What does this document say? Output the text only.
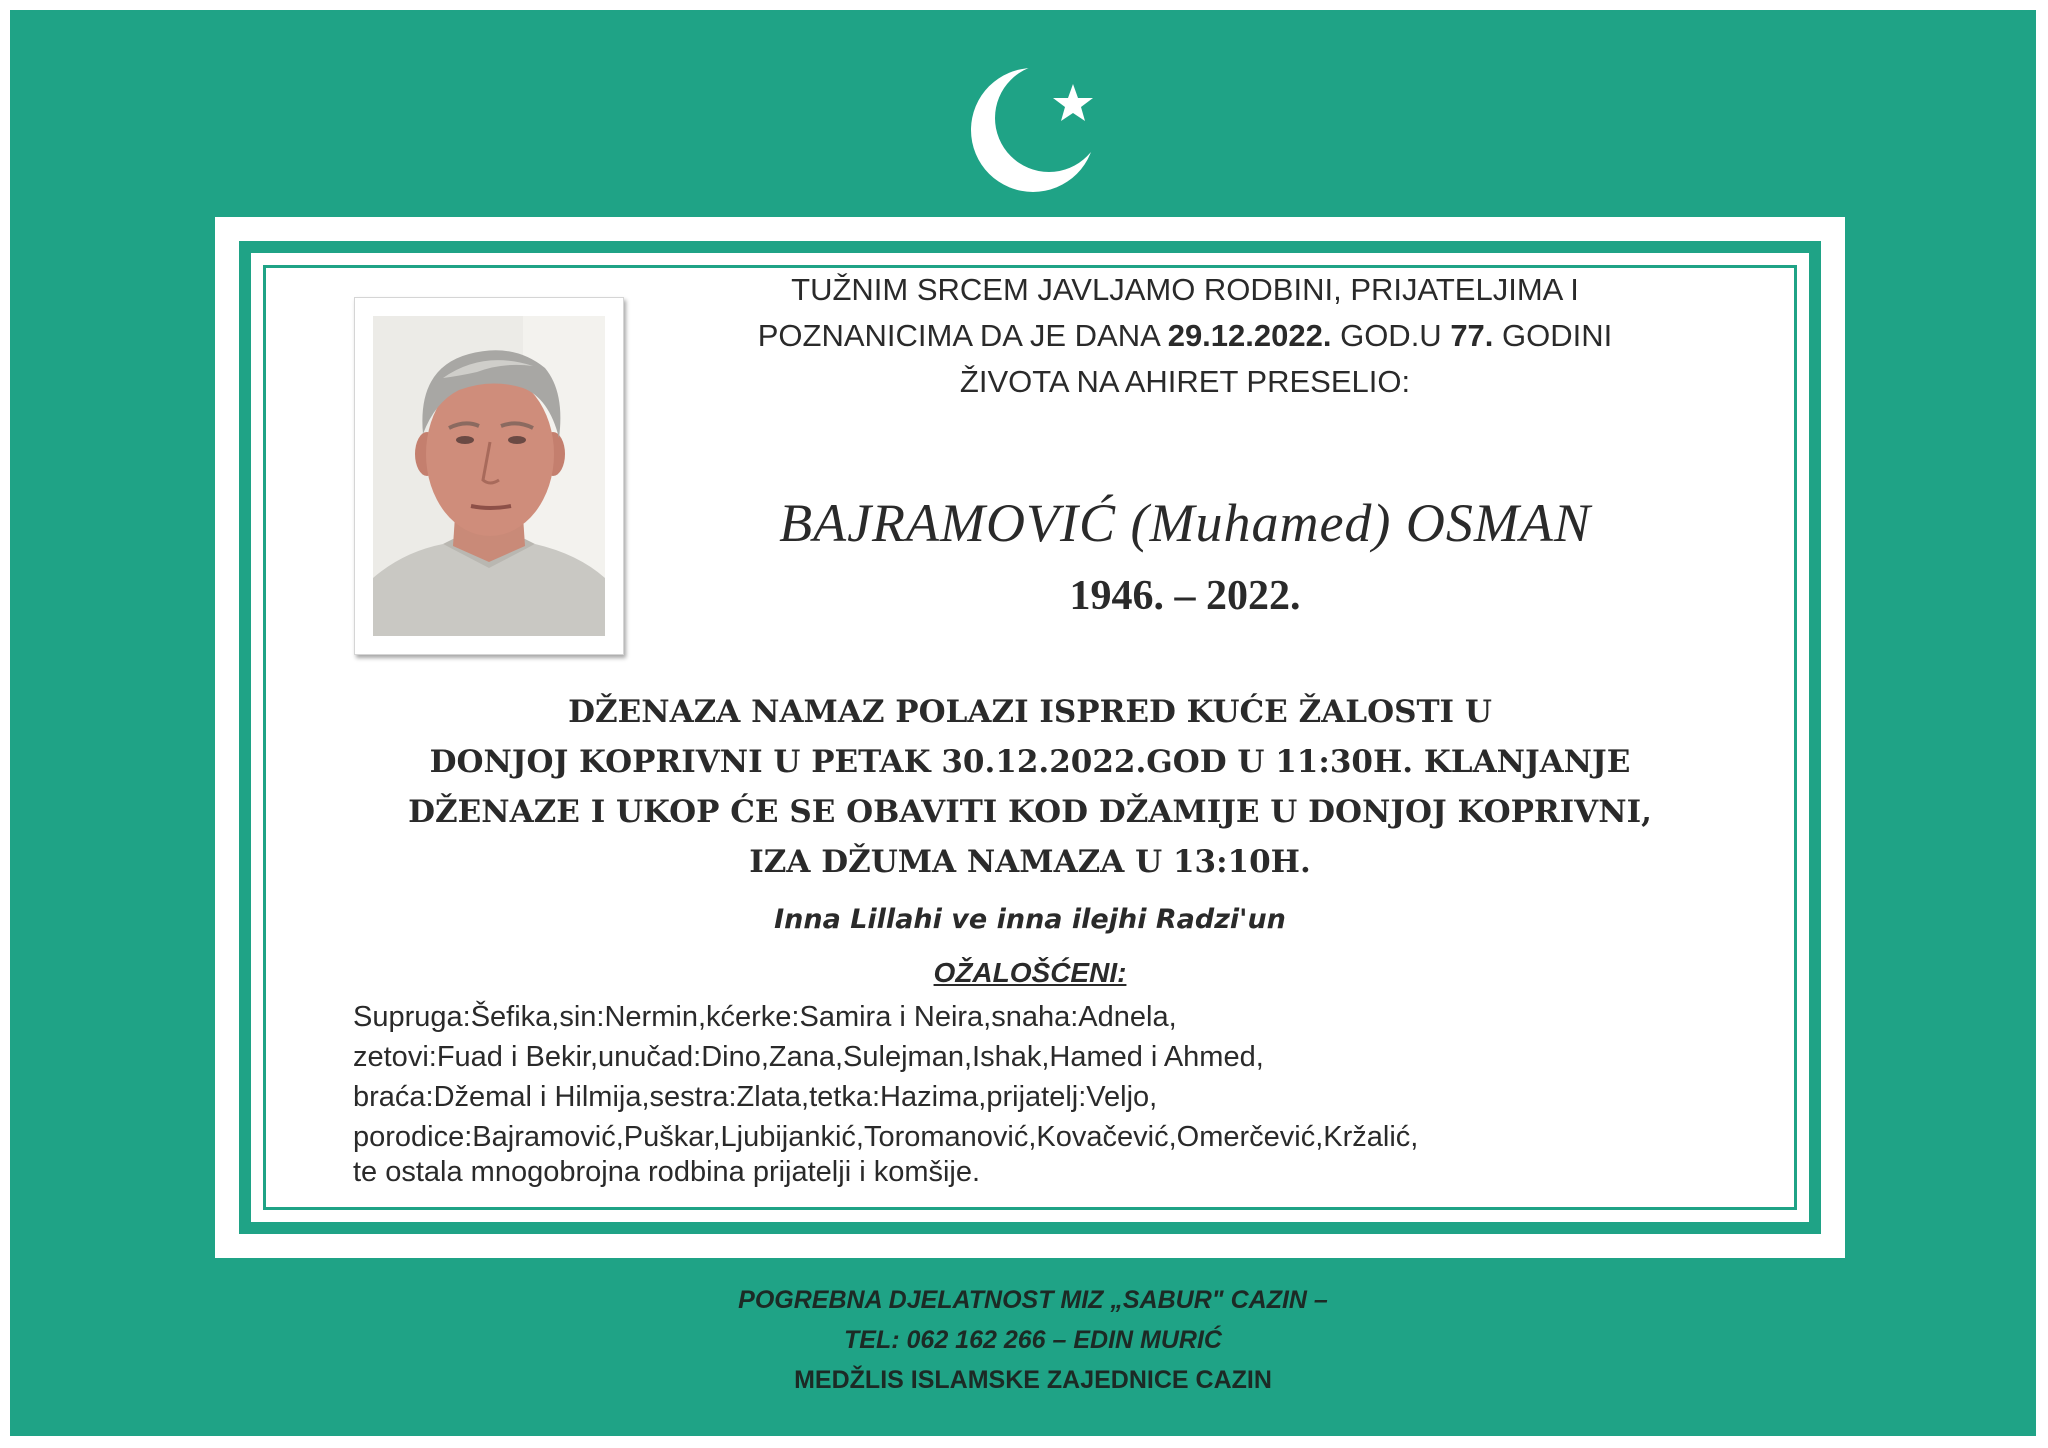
TUŽNIM SRCEM JAVLJAMO RODBINI, PRIJATELJIMA I
POZNANICIMA DA JE DANA 29.12.2022. GOD.U 77. GODINI
ŽIVOTA NA AHIRET PRESELIO:
BAJRAMOVIĆ (Muhamed) OSMAN
1946. – 2022.
DŽENAZA NAMAZ POLAZI ISPRED KUĆE ŽALOSTI U
DONJOJ KOPRIVNI U PETAK 30.12.2022.GOD U 11:30H. KLANJANJE
DŽENAZE I UKOP ĆE SE OBAVITI KOD DŽAMIJE U DONJOJ KOPRIVNI,
IZA DŽUMA NAMAZA U 13:10H.
Inna Lillahi ve inna ilejhi Radzi'un
OŽALOŠĆENI:
Supruga:Šefika,sin:Nermin,kćerke:Samira i Neira,snaha:Adnela,
zetovi:Fuad i Bekir,unučad:Dino,Zana,Sulejman,Ishak,Hamed i Ahmed,
braća:Džemal i Hilmija,sestra:Zlata,tetka:Hazima,prijatelj:Veljo,
porodice:Bajramović,Puškar,Ljubijankić,Toromanović,Kovačević,Omerčević,Kržalić,
te ostala mnogobrojna rodbina prijatelji i komšije.
POGREBNA DJELATNOST MIZ „SABUR" CAZIN –
TEL: 062 162 266 – EDIN MURIĆ
MEDŽLIS ISLAMSKE ZAJEDNICE CAZIN
